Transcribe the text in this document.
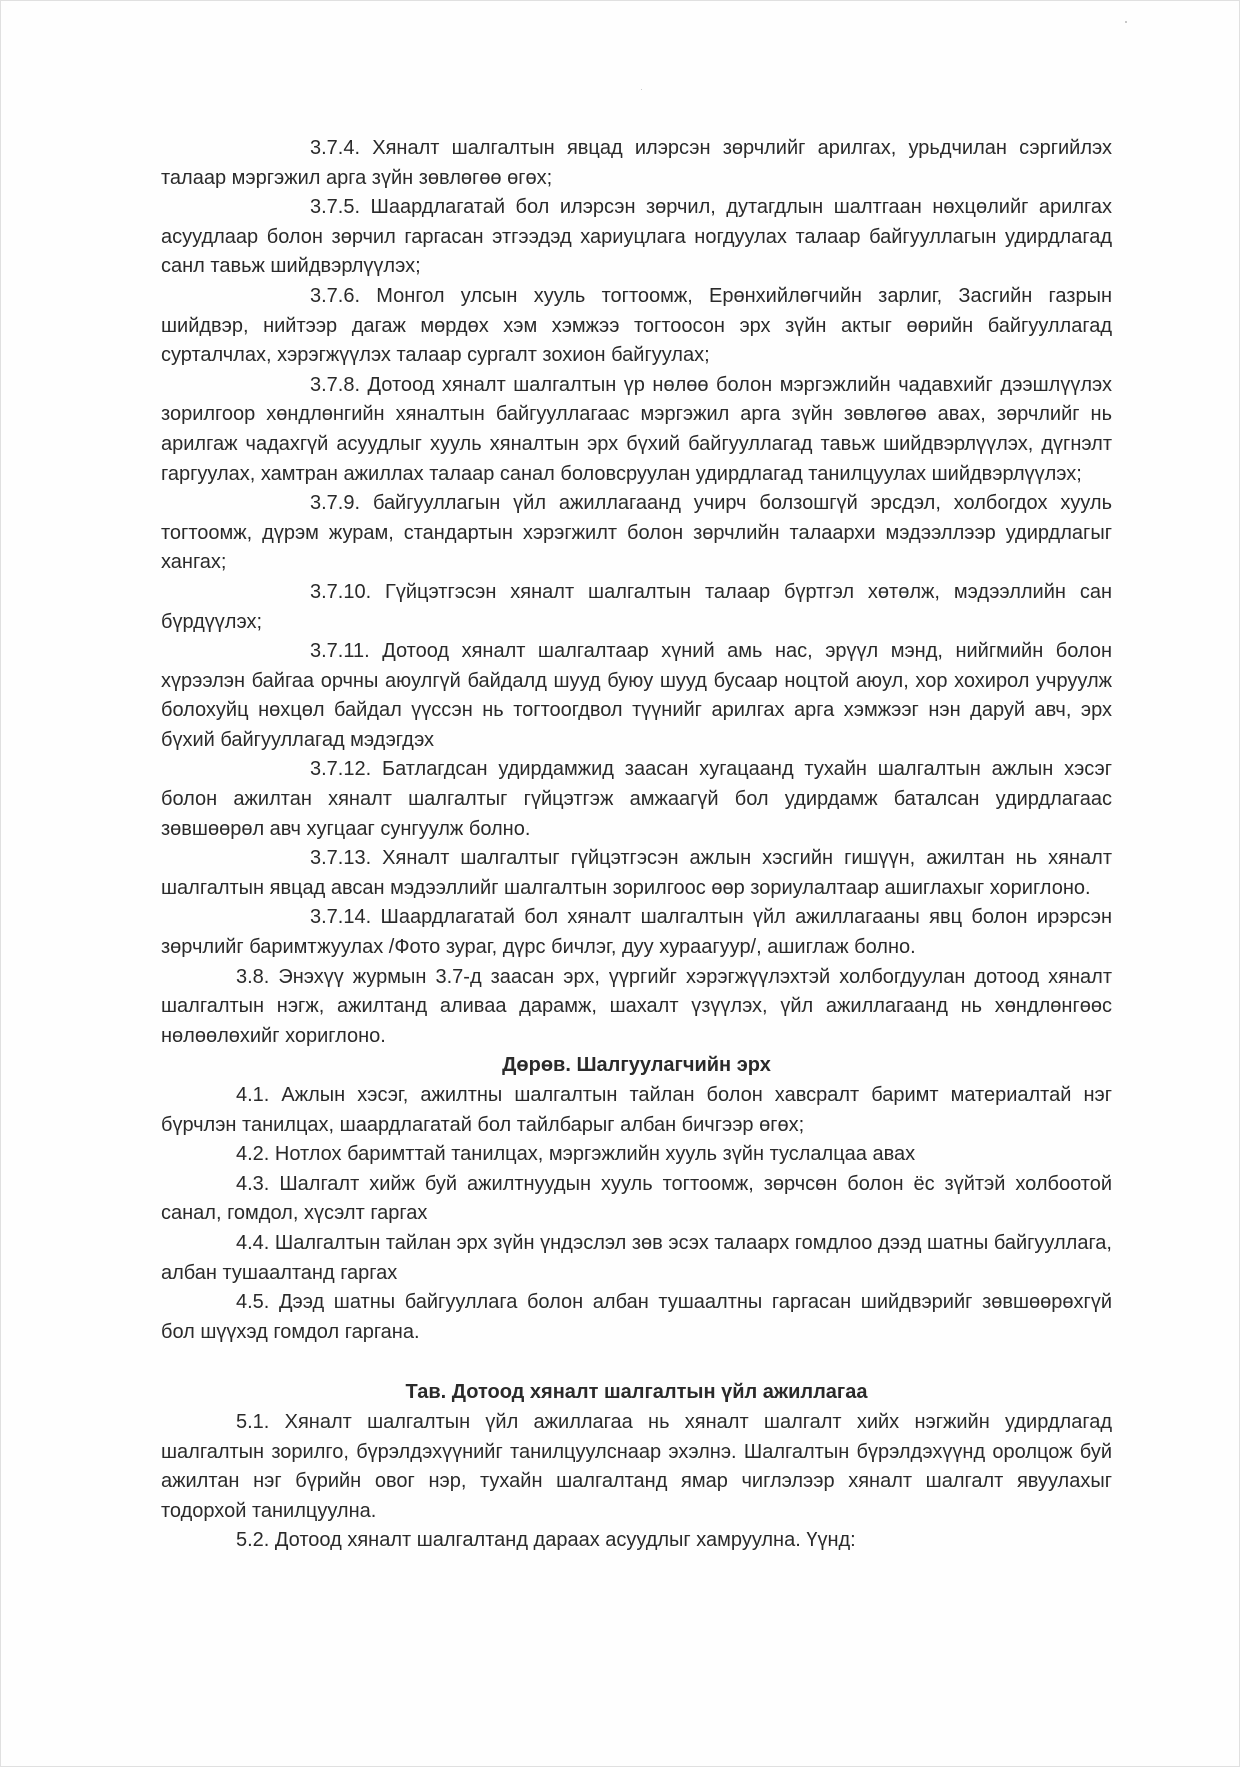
3.7.4. Хяналт шалгалтын явцад илэрсэн зөрчлийг арилгах, урьдчилан сэргийлэх талаар мэргэжил арга зүйн зөвлөгөө өгөх;

3.7.5. Шаардлагатай бол илэрсэн зөрчил, дутагдлын шалтгаан нөхцөлийг арилгах асуудлаар болон зөрчил гаргасан этгээдэд хариуцлага ногдуулах талаар байгууллагын удирдлагад санл тавьж шийдвэрлүүлэх;

3.7.6. Монгол улсын хууль тогтоомж, Ерөнхийлөгчийн зарлиг, Засгийн газрын шийдвэр, нийтээр дагаж мөрдөх хэм хэмжээ тогтоосон эрх зүйн актыг өөрийн байгууллагад сурталчлах, хэрэгжүүлэх талаар сургалт зохион байгуулах;

3.7.8. Дотоод хяналт шалгалтын үр нөлөө болон мэргэжлийн чадавхийг дээшлүүлэх зорилгоор хөндлөнгийн хяналтын байгууллагаас мэргэжил арга зүйн зөвлөгөө авах, зөрчлийг нь арилгаж чадахгүй асуудлыг хууль хяналтын эрх бүхий байгууллагад тавьж шийдвэрлүүлэх, дүгнэлт гаргуулах, хамтран ажиллах талаар санал боловсруулан удирдлагад танилцуулах шийдвэрлүүлэх;

3.7.9. байгууллагын үйл ажиллагаанд учирч болзошгүй эрсдэл, холбогдох хууль тогтоомж, дүрэм журам, стандартын хэрэгжилт болон зөрчлийн талаархи мэдээллээр удирдлагыг хангах;

3.7.10. Гүйцэтгэсэн хяналт шалгалтын талаар бүртгэл хөтөлж, мэдээллийн сан бүрдүүлэх;

3.7.11. Дотоод хяналт шалгалтаар хүний амь нас, эрүүл мэнд, нийгмийн болон хүрээлэн байгаа орчны аюулгүй байдалд шууд буюу шууд бусаар ноцтой аюул, хор хохирол учруулж болохуйц нөхцөл байдал үүссэн нь тогтоогдвол түүнийг арилгах арга хэмжээг нэн даруй авч, эрх бүхий байгууллагад мэдэгдэх

3.7.12. Батлагдсан удирдамжид заасан хугацаанд тухайн шалгалтын ажлын хэсэг болон ажилтан хяналт шалгалтыг гүйцэтгэж амжаагүй бол удирдамж баталсан удирдлагаас зөвшөөрөл авч хугцааг сунгуулж болно.

3.7.13. Хяналт шалгалтыг гүйцэтгэсэн ажлын хэсгийн гишүүн, ажилтан нь хяналт шалгалтын явцад авсан мэдээллийг шалгалтын зорилгоос өөр зориулалтаар ашиглахыг хориглоно.

3.7.14. Шаардлагатай бол хяналт шалгалтын үйл ажиллагааны явц болон ирэрсэн зөрчлийг баримтжуулах /Фото зураг, дүрс бичлэг, дуу хураагуур/, ашиглаж болно.

3.8. Энэхүү журмын 3.7-д заасан эрх, үүргийг хэрэгжүүлэхтэй холбогдуулан дотоод хяналт шалгалтын нэгж, ажилтанд аливаа дарамж, шахалт үзүүлэх, үйл ажиллагаанд нь хөндлөнгөөс нөлөөлөхийг хориглоно.

Дөрөв. Шалгуулагчийн эрх

4.1. Ажлын хэсэг, ажилтны шалгалтын тайлан болон хавсралт баримт материалтай нэг бүрчлэн танилцах, шаардлагатай бол тайлбарыг албан бичгээр өгөх;

4.2. Нотлох баримттай танилцах, мэргэжлийн хууль зүйн туслалцаа авах

4.3. Шалгалт хийж буй ажилтнуудын хууль тогтоомж, зөрчсөн болон ёс зүйтэй холбоотой санал, гомдол, хүсэлт гаргах

4.4. Шалгалтын тайлан эрх зүйн үндэслэл зөв эсэх талаарх гомдлоо дээд шатны байгууллага, албан тушаалтанд гаргах

4.5. Дээд шатны байгууллага болон албан тушаалтны гаргасан шийдвэрийг зөвшөөрөхгүй бол шүүхэд гомдол гаргана.

Тав. Дотоод хяналт шалгалтын үйл ажиллагаа

5.1. Хяналт шалгалтын үйл ажиллагаа нь хяналт шалгалт хийх нэгжийн удирдлагад шалгалтын зорилго, бүрэлдэхүүнийг танилцуулснаар эхэлнэ. Шалгалтын бүрэлдэхүүнд оролцож буй ажилтан нэг бүрийн овог нэр, тухайн шалгалтанд ямар чиглэлээр хяналт шалгалт явуулахыг тодорхой танилцуулна.

5.2. Дотоод хяналт шалгалтанд дараах асуудлыг хамруулна. Үүнд:
